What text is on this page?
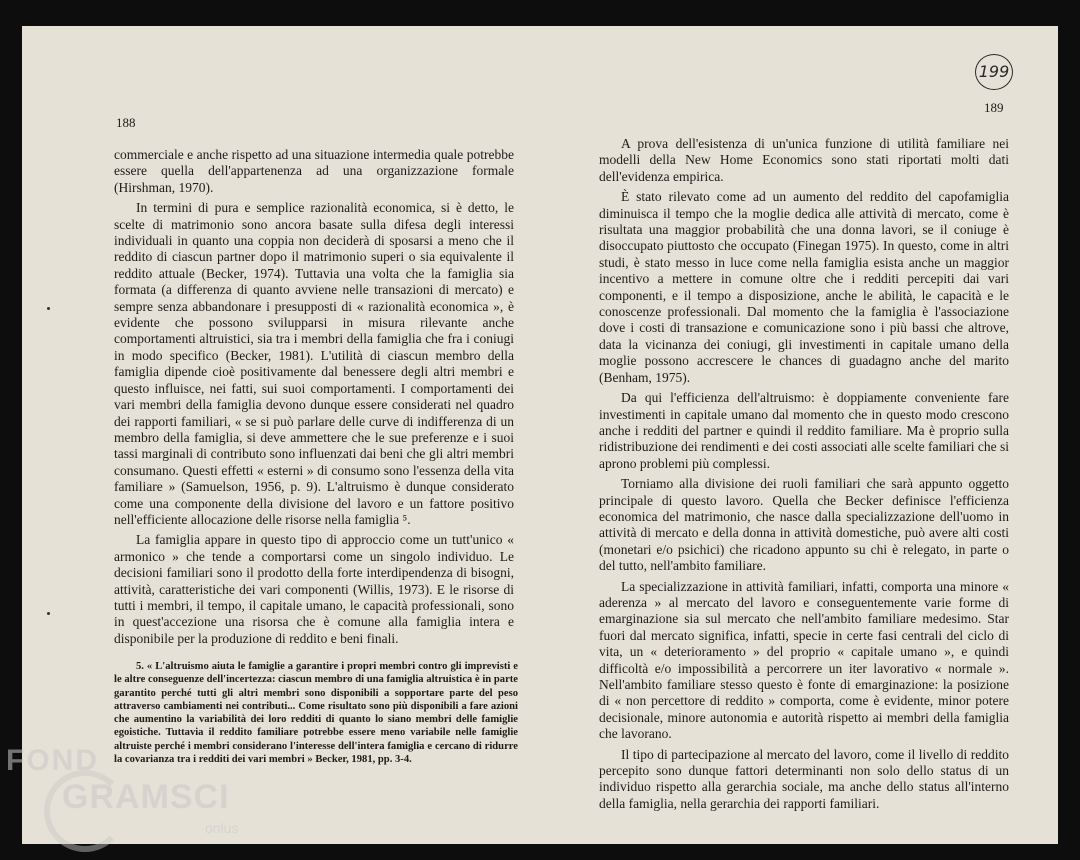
199
188
189

commerciale e anche rispetto ad una situazione intermedia quale potrebbe essere quella dell'appartenenza ad una organizzazione formale (Hirshman, 1970).

In termini di pura e semplice razionalità economica, si è detto, le scelte di matrimonio sono ancora basate sulla difesa degli interessi individuali in quanto una coppia non deciderà di sposarsi a meno che il reddito di ciascun partner dopo il matrimonio superi o sia equivalente il reddito attuale (Becker, 1974). Tuttavia una volta che la famiglia sia formata (a differenza di quanto avviene nelle transazioni di mercato) e sempre senza abbandonare i presupposti di « razionalità economica », è evidente che possono svilupparsi in misura rilevante anche comportamenti altruistici, sia tra i membri della famiglia che fra i coniugi in modo specifico (Becker, 1981). L'utilità di ciascun membro della famiglia dipende cioè positivamente dal benessere degli altri membri e questo influisce, nei fatti, sui suoi comportamenti. I comportamenti dei vari membri della famiglia devono dunque essere considerati nel quadro dei rapporti familiari, « se si può parlare delle curve di indifferenza di un membro della famiglia, si deve ammettere che le sue preferenze e i suoi tassi marginali di contributo sono influenzati dai beni che gli altri membri consumano. Questi effetti « esterni » di consumo sono l'essenza della vita familiare » (Samuelson, 1956, p. 9). L'altruismo è dunque considerato come una componente della divisione del lavoro e un fattore positivo nell'efficiente allocazione delle risorse nella famiglia ⁵.

La famiglia appare in questo tipo di approccio come un tutt'unico « armonico » che tende a comportarsi come un singolo individuo. Le decisioni familiari sono il prodotto della forte interdipendenza di bisogni, attività, caratteristiche dei vari componenti (Willis, 1973). E le risorse di tutti i membri, il tempo, il capitale umano, le capacità professionali, sono in quest'accezione una risorsa che è comune alla famiglia intera e disponibile per la produzione di reddito e beni finali.

5. « L'altruismo aiuta le famiglie a garantire i propri membri contro gli imprevisti e le altre conseguenze dell'incertezza: ciascun membro di una famiglia altruistica è in parte garantito perché tutti gli altri membri sono disponibili a sopportare parte del peso attraverso cambiamenti nei contributi... Come risultato sono più disponibili a fare azioni che aumentino la variabilità dei loro redditi di quanto lo siano membri delle famiglie egoistiche. Tuttavia il reddito familiare potrebbe essere meno variabile nelle famiglie altruiste perché i membri considerano l'interesse dell'intera famiglia e cercano di ridurre la covarianza tra i redditi dei vari membri » Becker, 1981, pp. 3-4.

A prova dell'esistenza di un'unica funzione di utilità familiare nei modelli della New Home Economics sono stati riportati molti dati dell'evidenza empirica.

È stato rilevato come ad un aumento del reddito del capofamiglia diminuisca il tempo che la moglie dedica alle attività di mercato, come è risultata una maggior probabilità che una donna lavori, se il coniuge è disoccupato piuttosto che occupato (Finegan 1975). In questo, come in altri studi, è stato messo in luce come nella famiglia esista anche un maggior incentivo a mettere in comune oltre che i redditi percepiti dai vari componenti, e il tempo a disposizione, anche le abilità, le capacità e le conoscenze professionali. Dal momento che la famiglia è l'associazione dove i costi di transazione e comunicazione sono i più bassi che altrove, data la vicinanza dei coniugi, gli investimenti in capitale umano della moglie possono accrescere le chances di guadagno anche del marito (Benham, 1975).

Da qui l'efficienza dell'altruismo: è doppiamente conveniente fare investimenti in capitale umano dal momento che in questo modo crescono anche i redditi del partner e quindi il reddito familiare. Ma è proprio sulla ridistribuzione dei rendimenti e dei costi associati alle scelte familiari che si aprono problemi più complessi.

Torniamo alla divisione dei ruoli familiari che sarà appunto oggetto principale di questo lavoro. Quella che Becker definisce l'efficienza economica del matrimonio, che nasce dalla specializzazione dell'uomo in attività di mercato e della donna in attività domestiche, può avere alti costi (monetari e/o psichici) che ricadono appunto su chi è relegato, in parte o del tutto, nell'ambito familiare.

La specializzazione in attività familiari, infatti, comporta una minore « aderenza » al mercato del lavoro e conseguentemente varie forme di emarginazione sia sul mercato che nell'ambito familiare medesimo. Star fuori dal mercato significa, infatti, specie in certe fasi centrali del ciclo di vita, un « deterioramento » del proprio « capitale umano », e quindi difficoltà e/o impossibilità a percorrere un iter lavorativo « normale ». Nell'ambito familiare stesso questo è fonte di emarginazione: la posizione di « non percettore di reddito » comporta, come è evidente, minor potere decisionale, minore autonomia e autorità rispetto ai membri della famiglia che lavorano.

Il tipo di partecipazione al mercato del lavoro, come il livello di reddito percepito sono dunque fattori determinanti non solo dello status di un individuo rispetto alla gerarchia sociale, ma anche dello status all'interno della famiglia, nella gerarchia dei rapporti familiari.

FOND
GRAMSCI
onlus
